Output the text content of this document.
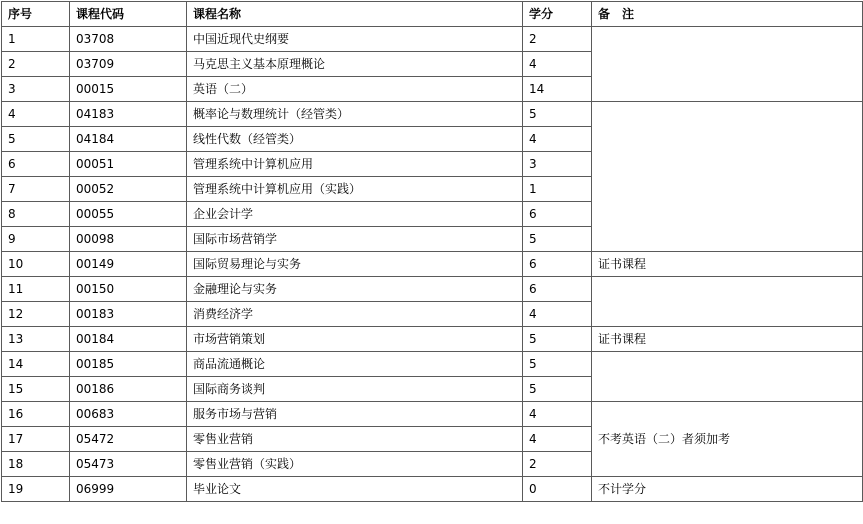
序号	课程代码	课程名称	学分	备　注
1	03708	中国近现代史纲要	2	
2	03709	马克思主义基本原理概论	4	
3	00015	英语（二）	14	
4	04183	概率论与数理统计（经管类）	5	
5	04184	线性代数（经管类）	4	
6	00051	管理系统中计算机应用	3	
7	00052	管理系统中计算机应用（实践）	1	
8	00055	企业会计学	6	
9	00098	国际市场营销学	5	
10	00149	国际贸易理论与实务	6	证书课程
11	00150	金融理论与实务	6	
12	00183	消费经济学	4	
13	00184	市场营销策划	5	证书课程
14	00185	商品流通概论	5	
15	00186	国际商务谈判	5	
16	00683	服务市场与营销	4	不考英语（二）者须加考
17	05472	零售业营销	4	
18	05473	零售业营销（实践）	2	
19	06999	毕业论文	0	不计学分
